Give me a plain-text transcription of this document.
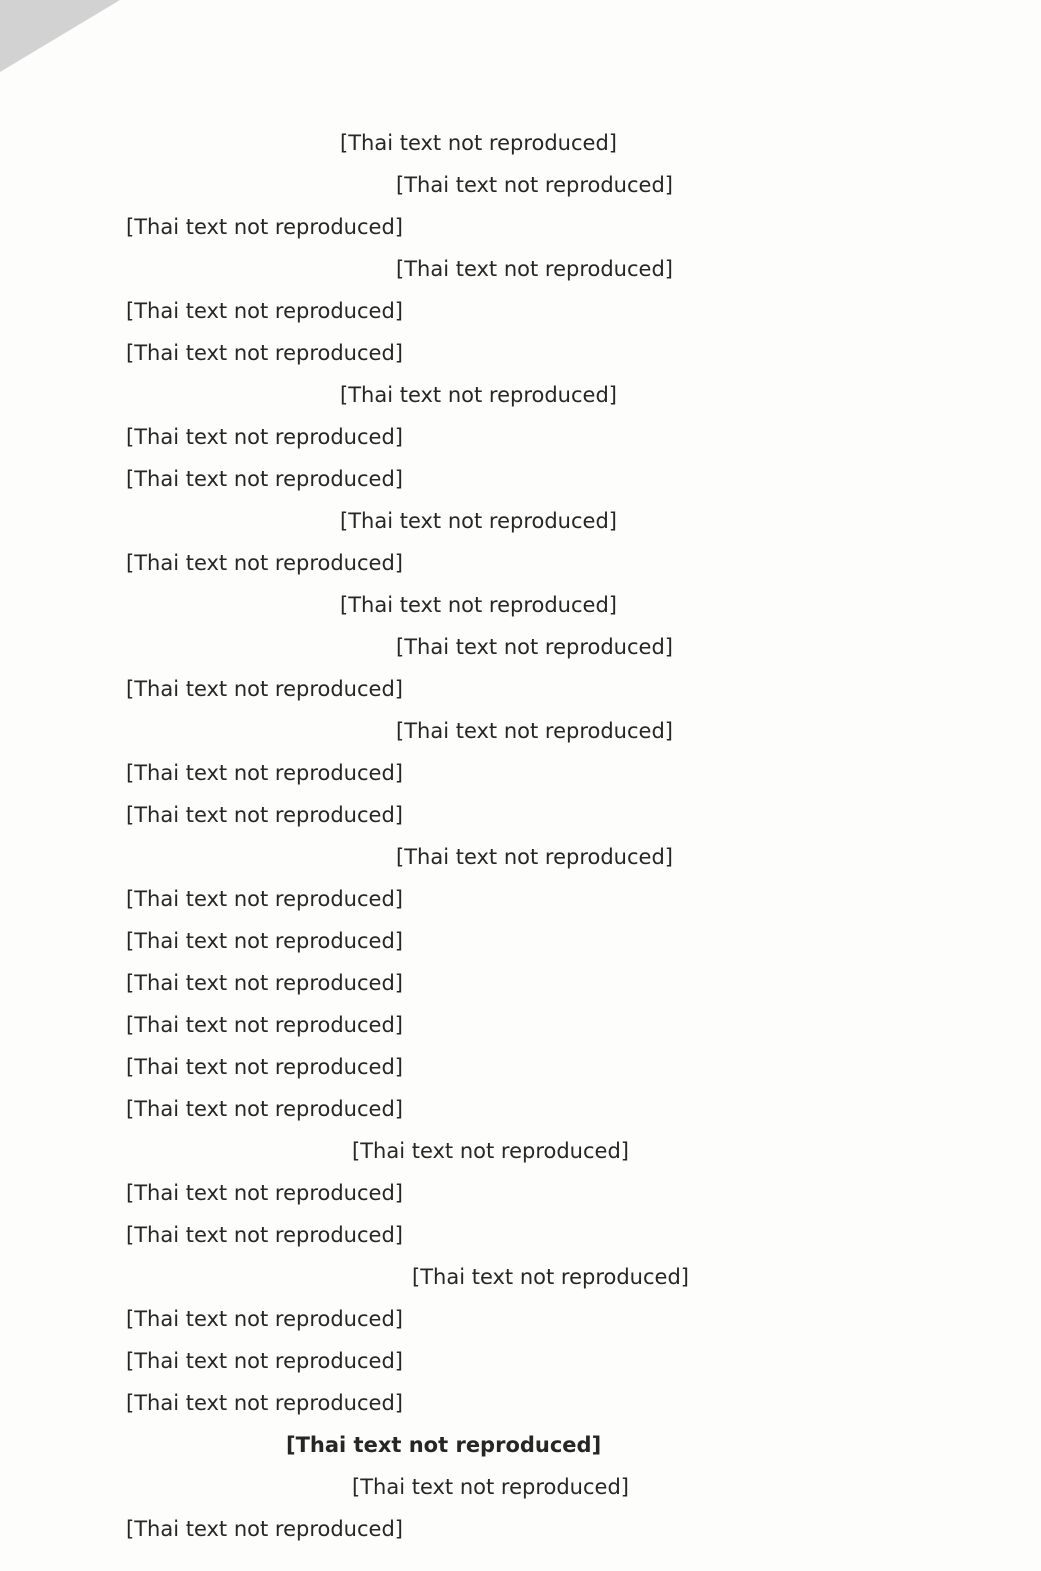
[Thai text not reproduced]
[Thai text not reproduced]
[Thai text not reproduced]
[Thai text not reproduced]
[Thai text not reproduced]
[Thai text not reproduced]
[Thai text not reproduced]
[Thai text not reproduced]
[Thai text not reproduced]
[Thai text not reproduced]
[Thai text not reproduced]
[Thai text not reproduced]
[Thai text not reproduced]
[Thai text not reproduced]
[Thai text not reproduced]
[Thai text not reproduced]
[Thai text not reproduced]
[Thai text not reproduced]
[Thai text not reproduced]
[Thai text not reproduced]
[Thai text not reproduced]
[Thai text not reproduced]
[Thai text not reproduced]
[Thai text not reproduced]
[Thai text not reproduced]
[Thai text not reproduced]
[Thai text not reproduced]
[Thai text not reproduced]
[Thai text not reproduced]
[Thai text not reproduced]
[Thai text not reproduced]
[Thai text not reproduced]
[Thai text not reproduced]
[Thai text not reproduced]
